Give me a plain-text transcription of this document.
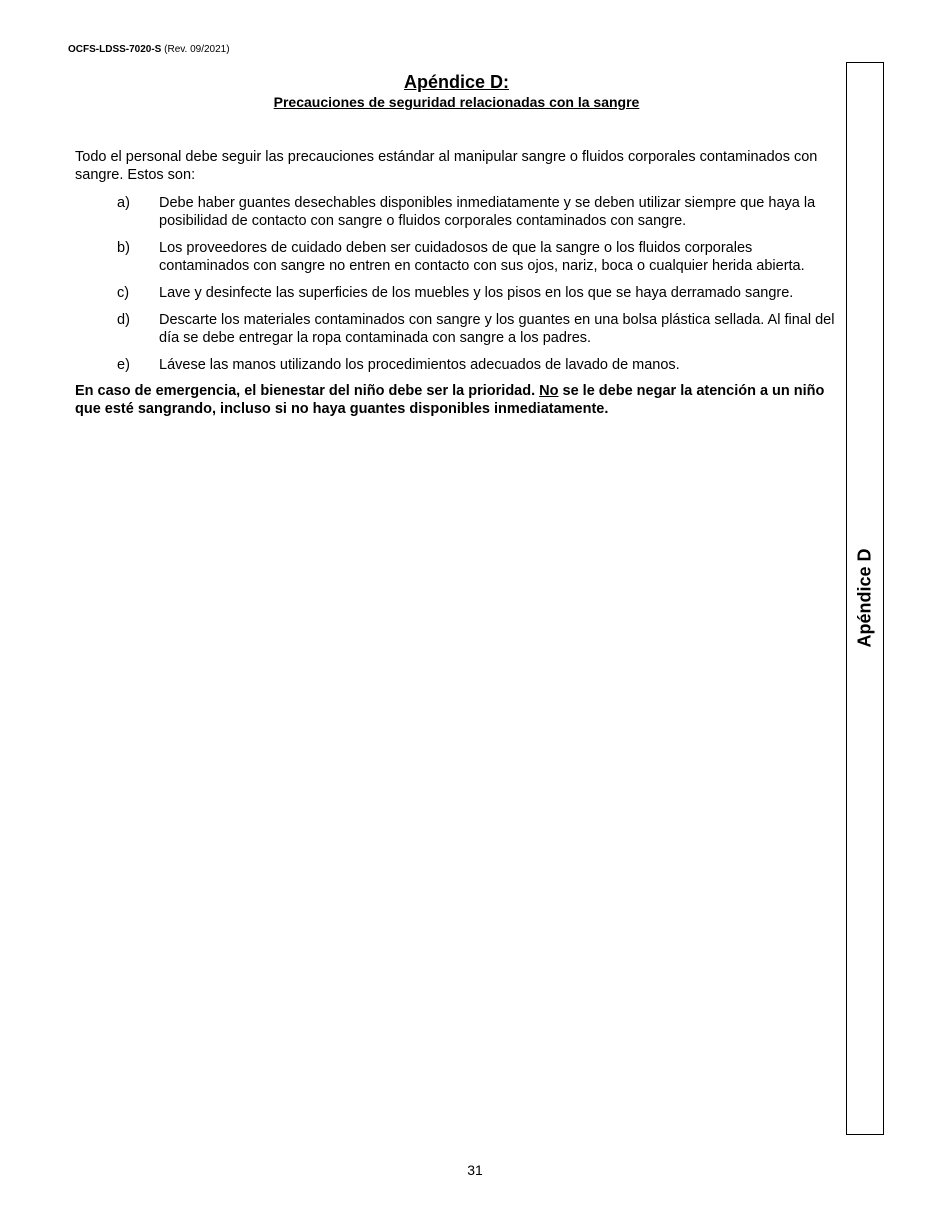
OCFS-LDSS-7020-S (Rev. 09/2021)
Apéndice D:
Precauciones de seguridad relacionadas con la sangre

Todo el personal debe seguir las precauciones estándar al manipular sangre o fluidos corporales contaminados con sangre. Estos son:

a) Debe haber guantes desechables disponibles inmediatamente y se deben utilizar siempre que haya la posibilidad de contacto con sangre o fluidos corporales contaminados con sangre.
b) Los proveedores de cuidado deben ser cuidadosos de que la sangre o los fluidos corporales contaminados con sangre no entren en contacto con sus ojos, nariz, boca o cualquier herida abierta.
c) Lave y desinfecte las superficies de los muebles y los pisos en los que se haya derramado sangre.
d) Descarte los materiales contaminados con sangre y los guantes en una bolsa plástica sellada. Al final del día se debe entregar la ropa contaminada con sangre a los padres.
e) Lávese las manos utilizando los procedimientos adecuados de lavado de manos.

En caso de emergencia, el bienestar del niño debe ser la prioridad. No se le debe negar la atención a un niño que esté sangrando, incluso si no haya guantes disponibles inmediatamente.

Apéndice D
31
